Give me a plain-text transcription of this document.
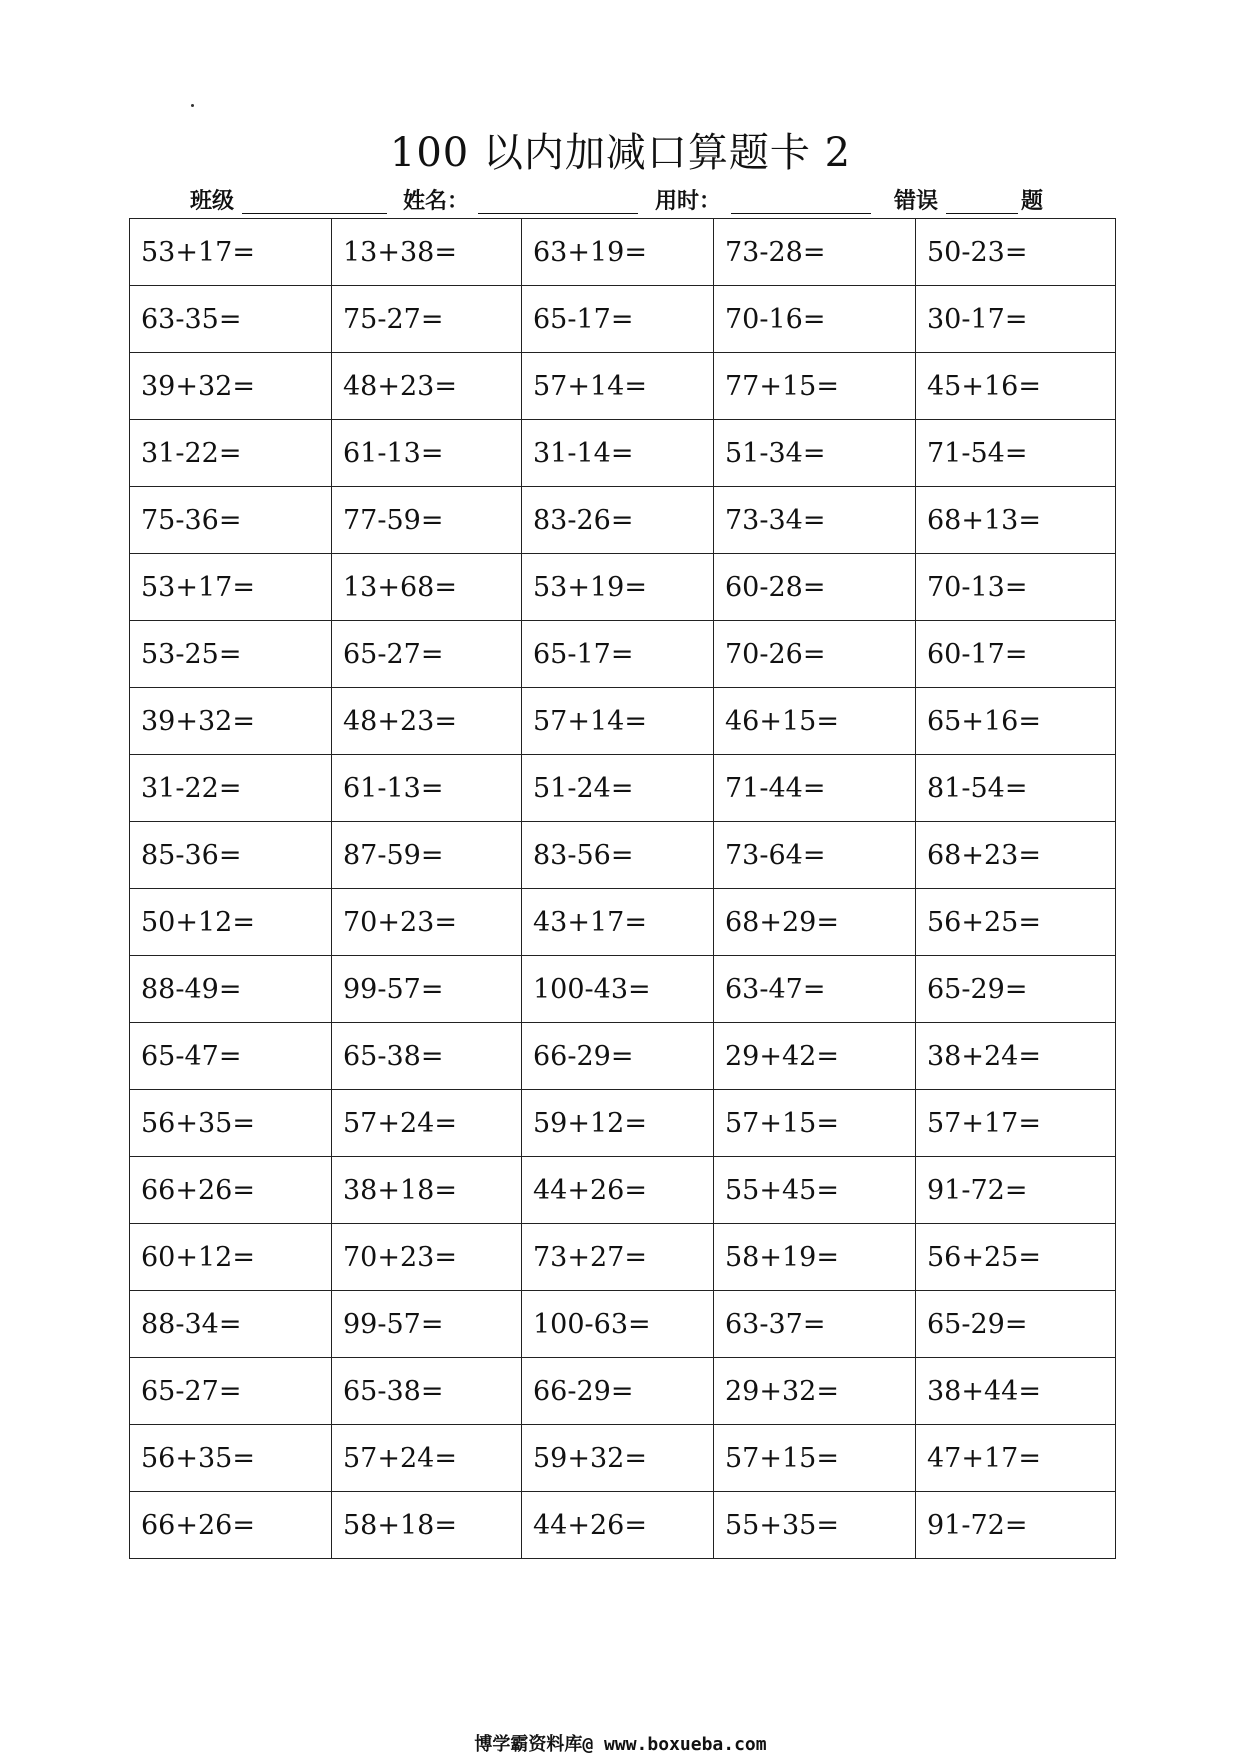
100 以内加减口算题卡 2
班级	姓名：	用时：	错误	题
53+17=	13+38=	63+19=	73-28=	50-23=
63-35=	75-27=	65-17=	70-16=	30-17=
39+32=	48+23=	57+14=	77+15=	45+16=
31-22=	61-13=	31-14=	51-34=	71-54=
75-36=	77-59=	83-26=	73-34=	68+13=
53+17=	13+68=	53+19=	60-28=	70-13=
53-25=	65-27=	65-17=	70-26=	60-17=
39+32=	48+23=	57+14=	46+15=	65+16=
31-22=	61-13=	51-24=	71-44=	81-54=
85-36=	87-59=	83-56=	73-64=	68+23=
50+12=	70+23=	43+17=	68+29=	56+25=
88-49=	99-57=	100-43=	63-47=	65-29=
65-47=	65-38=	66-29=	29+42=	38+24=
56+35=	57+24=	59+12=	57+15=	57+17=
66+26=	38+18=	44+26=	55+45=	91-72=
60+12=	70+23=	73+27=	58+19=	56+25=
88-34=	99-57=	100-63=	63-37=	65-29=
65-27=	65-38=	66-29=	29+32=	38+44=
56+35=	57+24=	59+32=	57+15=	47+17=
66+26=	58+18=	44+26=	55+35=	91-72=
博学霸资料库@ www.boxueba.com
